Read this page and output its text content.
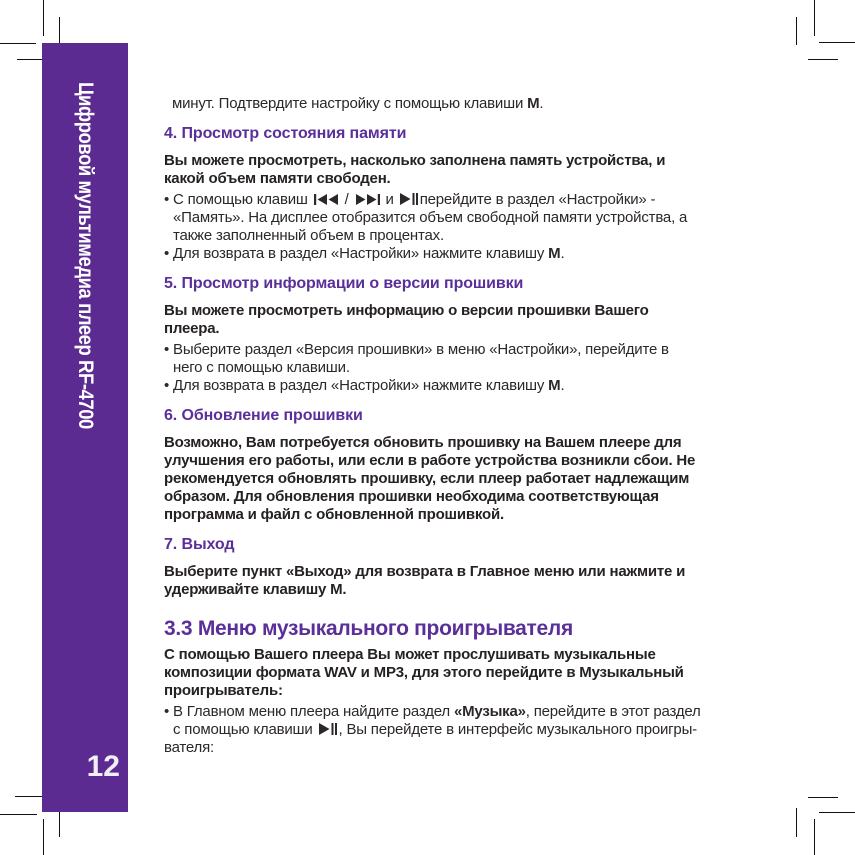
Цифровой мультимедиа плеер RF-4700
12
минут. Подтвердите настройку с помощью клавиши М.
4. Просмотр состояния памяти
Вы можете просмотреть, насколько заполнена память устройства, и
какой объем памяти свободен.
• С помощью клавиш  /  и перейдите в раздел «Настройки» -
«Память». На дисплее отобразится объем свободной памяти устройства, а
также заполненный объем в процентах.
• Для возврата в раздел «Настройки» нажмите клавишу М.
5. Просмотр информации о версии прошивки
Вы можете просмотреть информацию о версии прошивки Вашего
плеера.
• Выберите раздел «Версия прошивки» в меню «Настройки», перейдите в
него с помощью клавиши.
• Для возврата в раздел «Настройки» нажмите клавишу М.
6. Обновление прошивки
Возможно, Вам потребуется обновить прошивку на Вашем плеере для
улучшения его работы, или если в работе устройства возникли сбои. Не
рекомендуется обновлять прошивку, если плеер работает надлежащим
образом. Для обновления прошивки необходима соответствующая
программа и файл с обновленной прошивкой.
7. Выход
Выберите пункт «Выход» для возврата в Главное меню или нажмите и
удерживайте клавишу М.
3.3 Меню музыкального проигрывателя
С помощью Вашего плеера Вы может прослушивать музыкальные
композиции формата WAV и MP3, для этого перейдите в Музыкальный
проигрыватель:
• В Главном меню плеера найдите раздел «Музыка», перейдите в этот раздел
с помощью клавиши , Вы перейдете в интерфейс музыкального проигры-
вателя:
